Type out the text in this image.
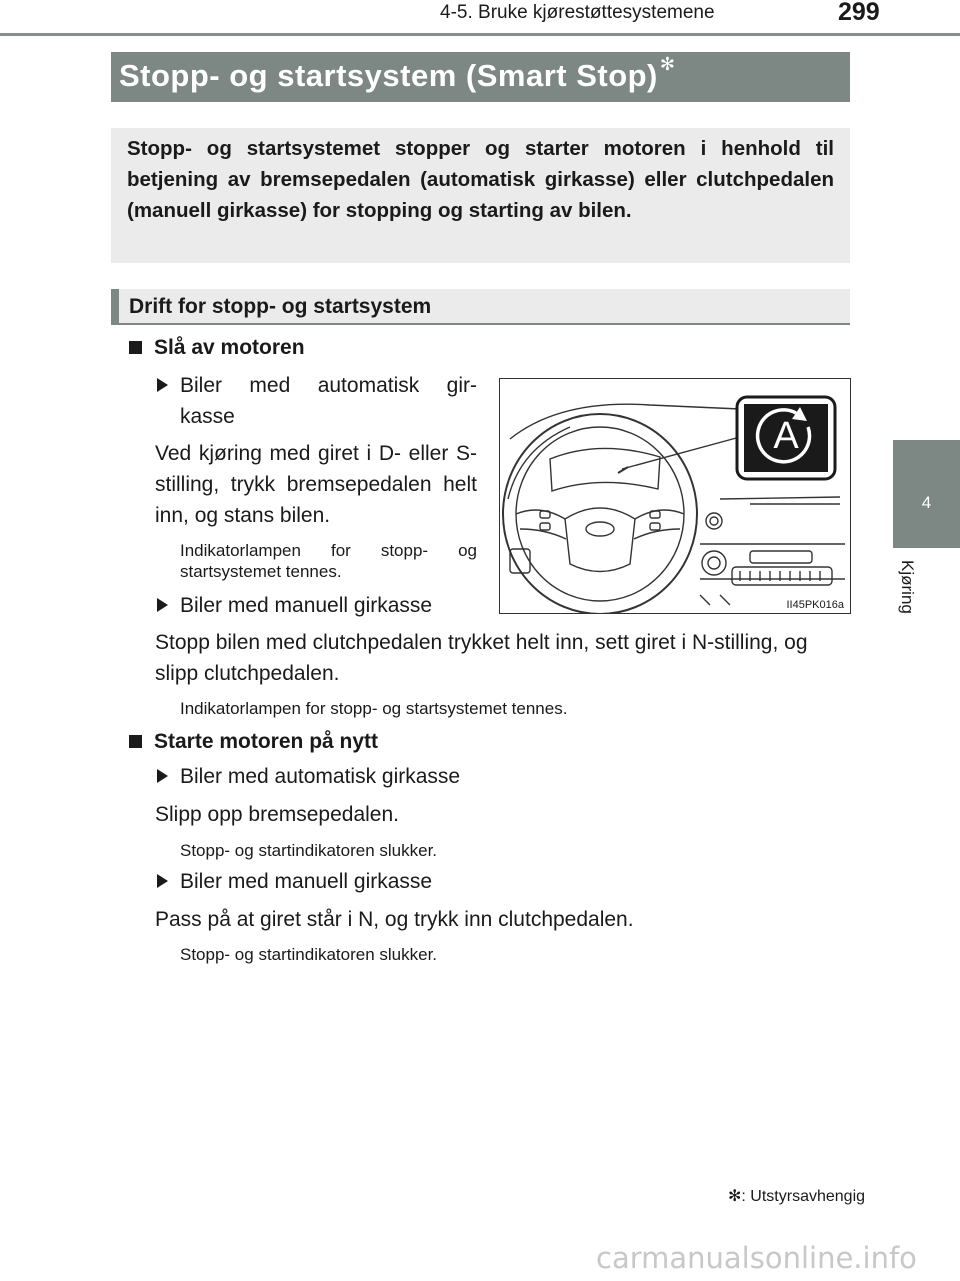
4-5. Bruke kjørestøttesystemene	299
4
Kjøring
Stopp- og startsystem (Smart Stop) ✻
Stopp- og startsystemet stopper og starter motoren i henhold til betjening av bremsepedalen (automatisk girkasse) eller clutchpedalen (manuell girkasse) for stopping og starting av bilen.
Drift for stopp- og startsystem
Slå av motoren
Biler med automatisk gir-
kasse
Ved kjøring med giret i D- eller S-stilling, trykk bremsepedalen helt inn, og stans bilen.
Indikatorlampen for stopp- og startsystemet tennes.
Biler med manuell girkasse
Stopp bilen med clutchpedalen trykket helt inn, sett giret i N-stilling, og slipp clutchpedalen.
Indikatorlampen for stopp- og startsystemet tennes.
Starte motoren på nytt
Biler med automatisk girkasse
Slipp opp bremsepedalen.
Stopp- og startindikatoren slukker.
Biler med manuell girkasse
Pass på at giret står i N, og trykk inn clutchpedalen.
Stopp- og startindikatoren slukker.
A
II45PK016a
✻: Utstyrsavhengig
carmanualsonline.info
